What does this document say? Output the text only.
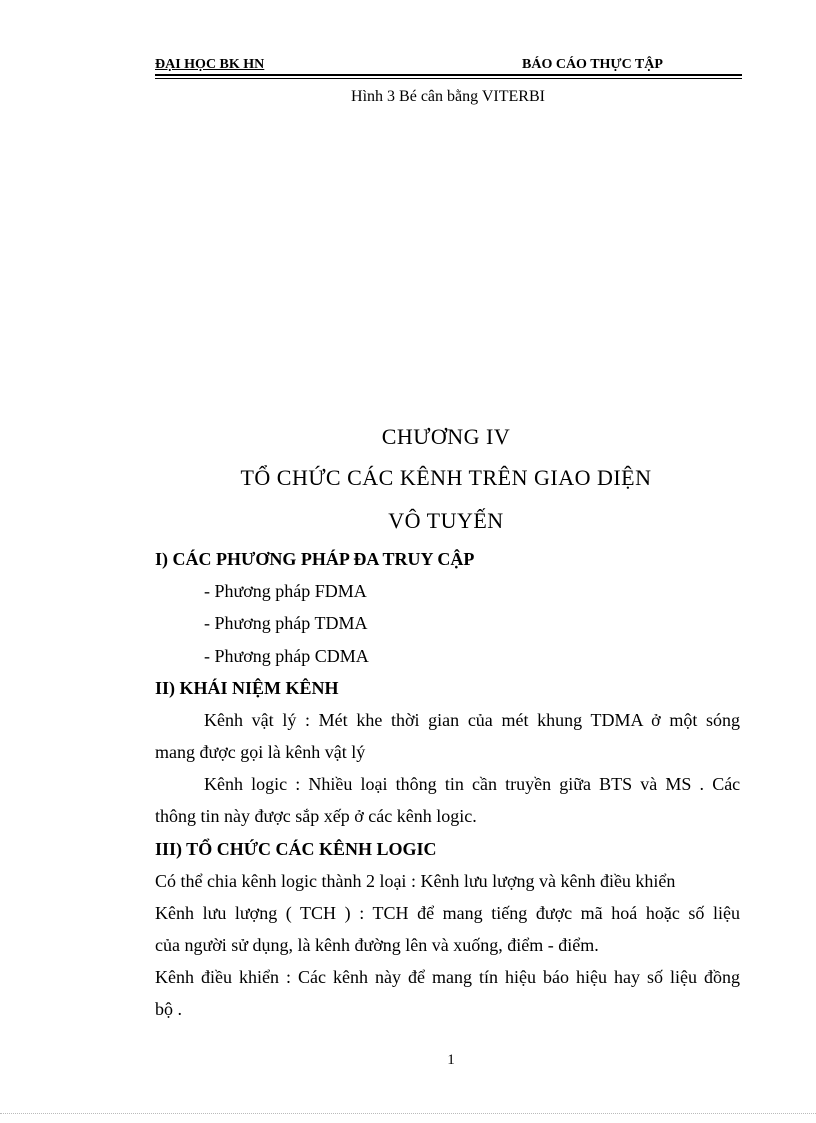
ĐẠI HỌC BK HN	BÁO CÁO THỰC TẬP
Hình 3 Bé cân bằng VITERBI
CHƯƠNG IV
TỔ CHỨC CÁC KÊNH TRÊN GIAO DIỆN
VÔ TUYẾN
I) CÁC PHƯƠNG PHÁP ĐA TRUY CẬP
- Phương pháp FDMA
- Phương pháp TDMA
- Phương pháp CDMA
II) KHÁI NIỆM KÊNH
Kênh vật lý : Mét khe thời gian của mét khung TDMA ở một sóng
mang được gọi là kênh vật lý
Kênh logic : Nhiều loại thông tin cần truyền giữa BTS và MS . Các
thông tin này được sắp xếp ở các kênh logic.
III) TỔ CHỨC CÁC KÊNH LOGIC
Có thể chia kênh logic thành 2 loại : Kênh lưu lượng và kênh điều khiển
Kênh lưu lượng ( TCH ) : TCH để mang tiếng được mã hoá hoặc số liệu
của người sử dụng, là kênh đường lên và xuống, điểm - điểm.
Kênh điều khiển : Các kênh này để mang tín hiệu báo hiệu hay số liệu đồng
bộ .
1
